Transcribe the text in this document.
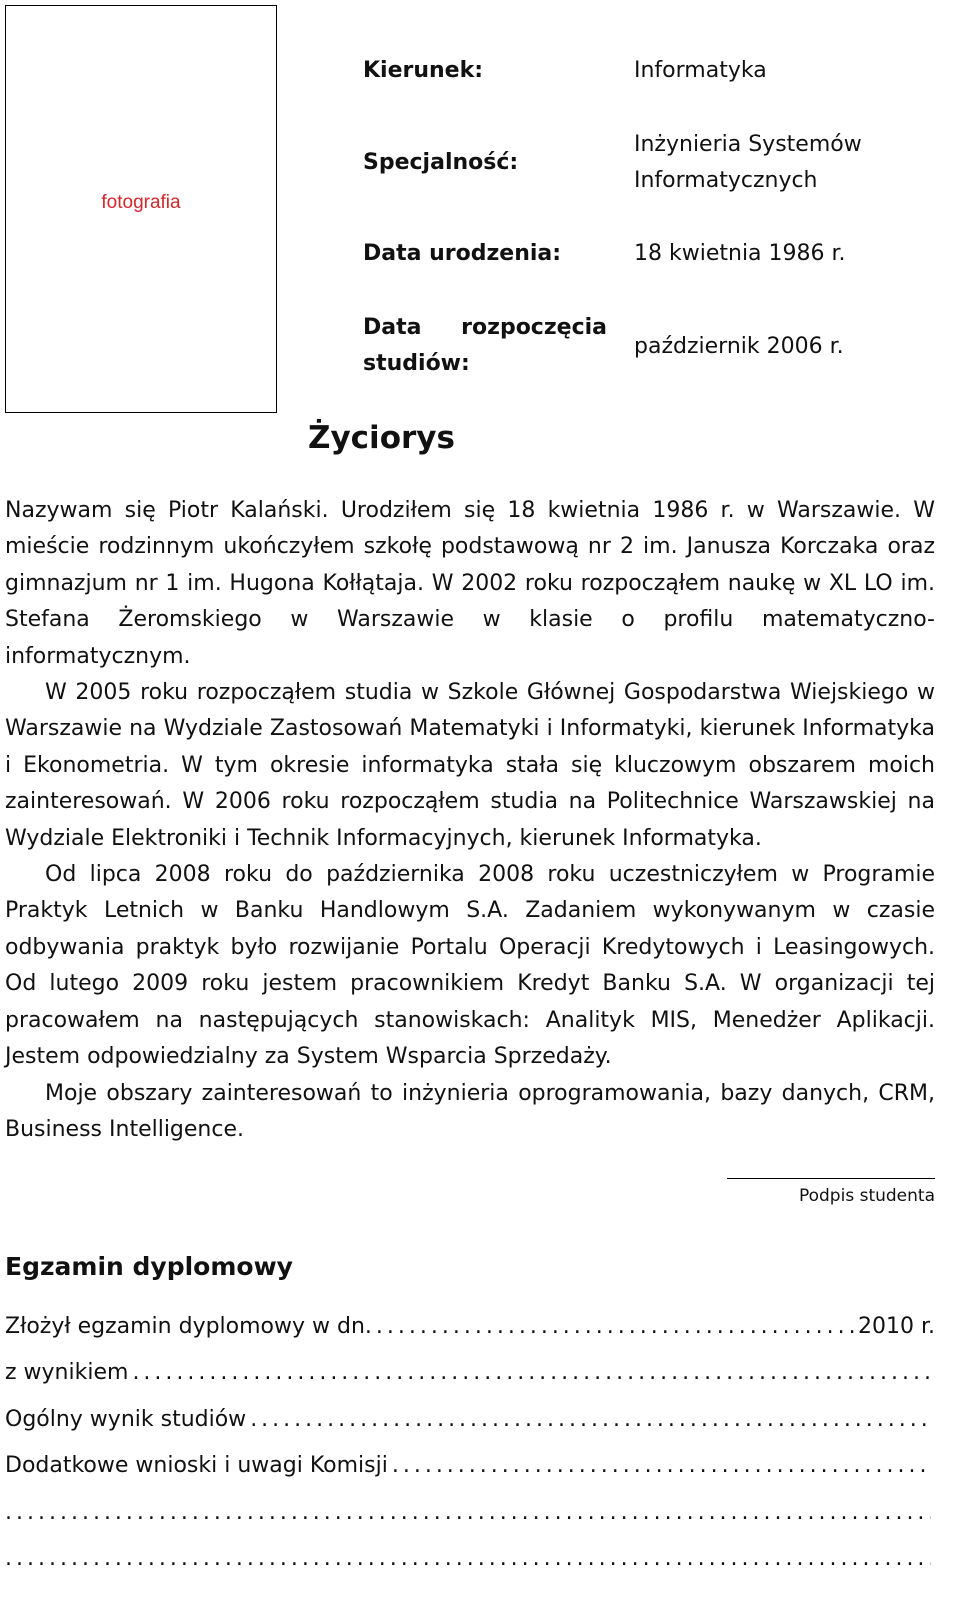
fotografia
Kierunek:	Informatyka
Specjalność:
Inżynieria Systemów
Informatycznych
Data urodzenia:	18 kwietnia 1986 r.
Data rozpoczęcia
studiów:
październik 2006 r.
Życiorys

Nazywam się Piotr Kalański. Urodziłem się 18 kwietnia 1986 r. w Warszawie. W mieście rodzinnym ukończyłem szkołę podstawową nr 2 im. Janusza Korczaka oraz gimnazjum nr 1 im. Hugona Kołłątaja. W 2002 roku rozpocząłem naukę w XL LO im. Stefana Żeromskiego w Warszawie w klasie o profilu matematyczno-informatycznym.

W 2005 roku rozpocząłem studia w Szkole Głównej Gospodarstwa Wiejskiego w Warszawie na Wydziale Zastosowań Matematyki i Informatyki, kierunek Informatyka i Ekonometria. W tym okresie informatyka stała się kluczowym obszarem moich zainteresowań. W 2006 roku rozpocząłem studia na Politechnice Warszawskiej na Wydziale Elektroniki i Technik Informacyjnych, kierunek Informatyka.

Od lipca 2008 roku do października 2008 roku uczestniczyłem w Programie Praktyk Letnich w Banku Handlowym S.A. Zadaniem wykonywanym w czasie odbywania praktyk było rozwijanie Portalu Operacji Kredytowych i Leasingowych. Od lutego 2009 roku jestem pracownikiem Kredyt Banku S.A. W organizacji tej pracowałem na następujących stanowiskach: Analityk MIS, Menedżer Aplikacji. Jestem odpowiedzialny za System Wsparcia Sprzedaży.

Moje obszary zainteresowań to inżynieria oprogramowania, bazy danych, CRM, Business Intelligence.

Podpis studenta
Egzamin dyplomowy
Złożył egzamin dyplomowy w dn.
.....	2010 r.
z wynikiem
.....
Ogólny wynik studiów
.....
Dodatkowe wnioski i uwagi Komisji
.....
.....
.....
